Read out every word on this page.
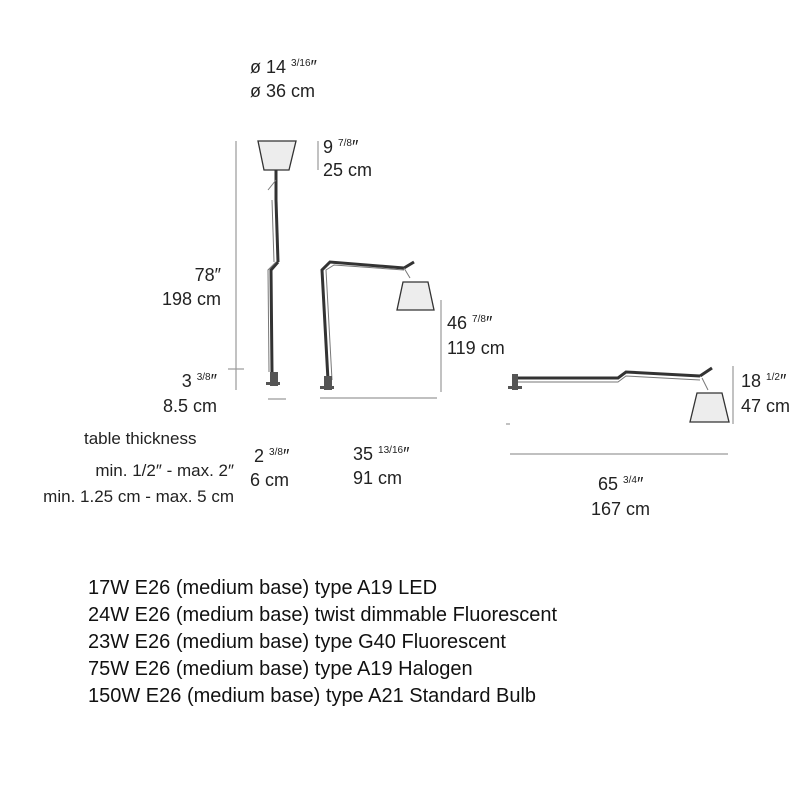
ø 14 $^{3/16}$″
ø 36 cm
9 $^{7/8}$″
25 cm
78″
198 cm
3 $^{3/8}$″
8.5 cm
table thickness
min. 1/2″ - max. 2″
min. 1.25 cm - max. 5 cm
2 $^{3/8}$″
6 cm
35 $^{13/16}$″
91 cm
46 $^{7/8}$″
119 cm
65 $^{3/4}$″
167 cm
18 $^{1/2}$″
47 cm
17W E26 (medium base) type A19 LED
24W E26 (medium base) twist dimmable Fluorescent
23W E26 (medium base) type G40 Fluorescent
75W E26 (medium base) type A19 Halogen
150W E26 (medium base) type A21 Standard Bulb
